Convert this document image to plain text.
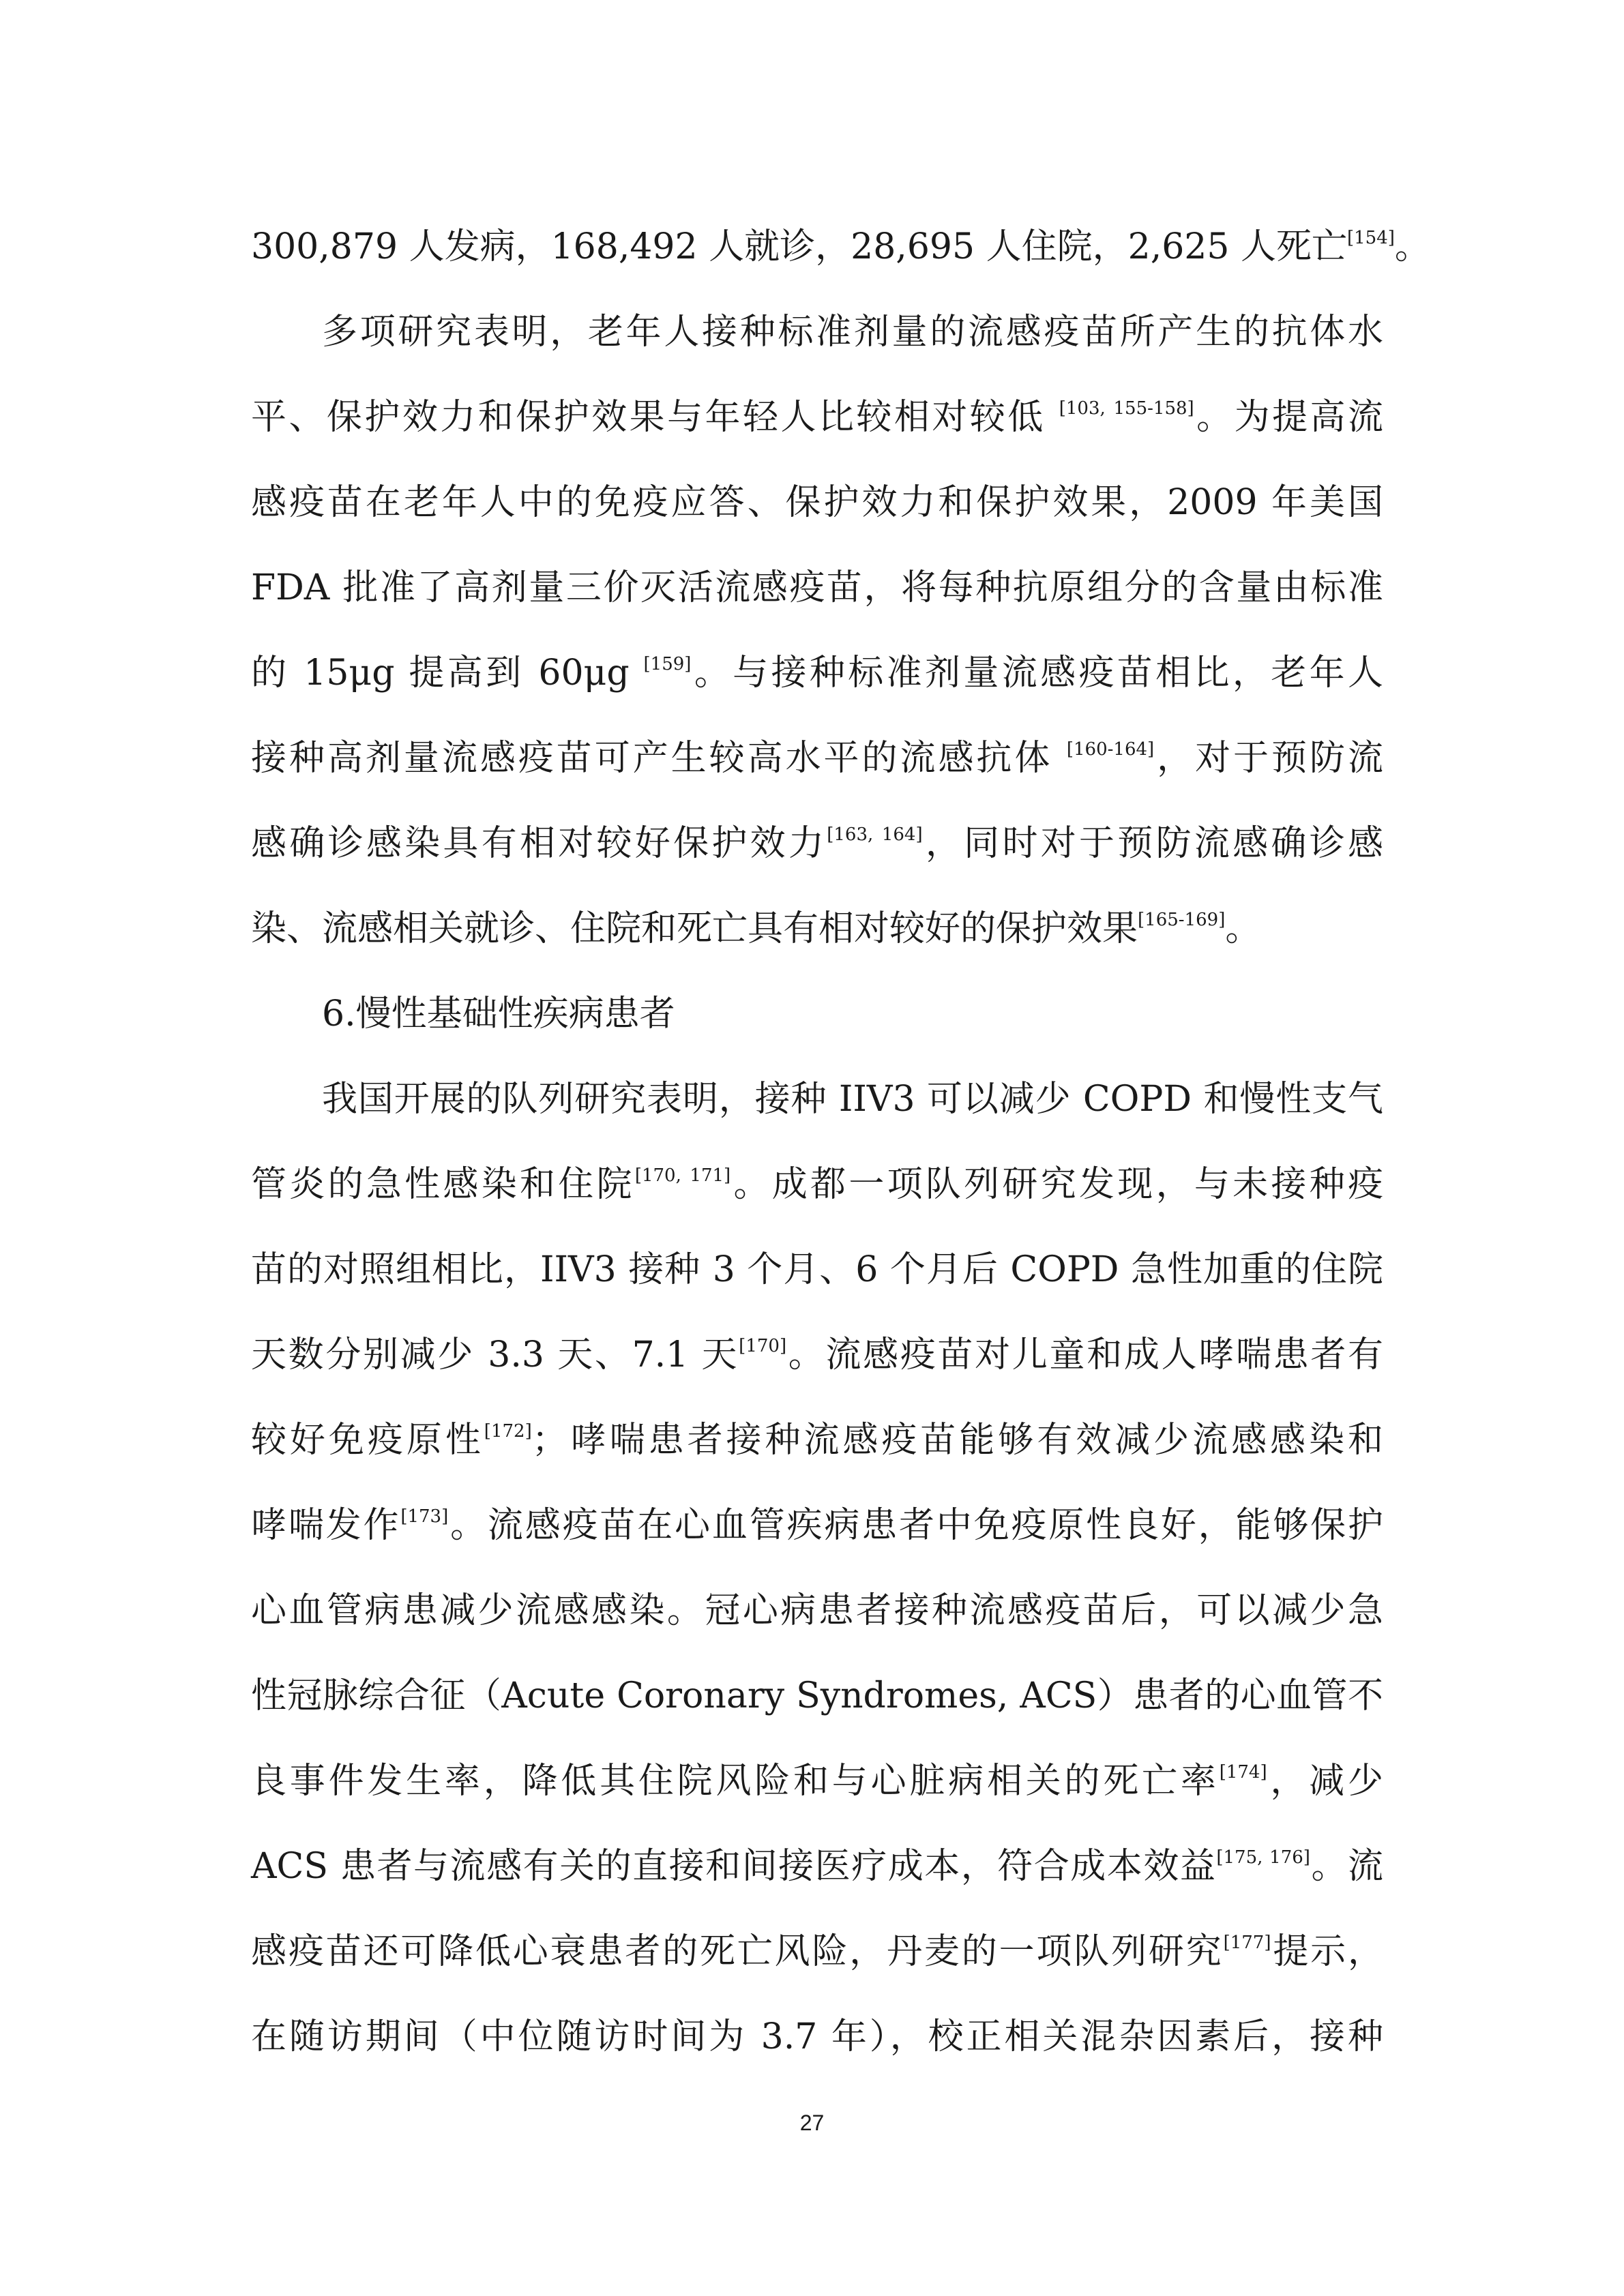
300,879 人发病，168,492 人就诊，28,695 人住院，2,625 人死亡[154]。
多项研究表明，老年人接种标准剂量的流感疫苗所产生的抗体水
平、保护效力和保护效果与年轻人比较相对较低 [103, 155-158]。为提高流
感疫苗在老年人中的免疫应答、保护效力和保护效果，2009 年美国
FDA 批准了高剂量三价灭活流感疫苗，将每种抗原组分的含量由标准
的 15μg 提高到 60μg [159]。与接种标准剂量流感疫苗相比，老年人
接种高剂量流感疫苗可产生较高水平的流感抗体 [160-164]，对于预防流
感确诊感染具有相对较好保护效力[163, 164]，同时对于预防流感确诊感
染、流感相关就诊、住院和死亡具有相对较好的保护效果[165-169]。
6.慢性基础性疾病患者
我国开展的队列研究表明，接种 IIV3 可以减少 COPD 和慢性支气
管炎的急性感染和住院[170, 171]。成都一项队列研究发现，与未接种疫
苗的对照组相比，IIV3 接种 3 个月、6 个月后 COPD 急性加重的住院
天数分别减少 3.3 天、7.1 天[170]。流感疫苗对儿童和成人哮喘患者有
较好免疫原性[172]；哮喘患者接种流感疫苗能够有效减少流感感染和
哮喘发作[173]。流感疫苗在心血管疾病患者中免疫原性良好，能够保护
心血管病患减少流感感染。冠心病患者接种流感疫苗后，可以减少急
性冠脉综合征（Acute Coronary Syndromes, ACS）患者的心血管不
良事件发生率，降低其住院风险和与心脏病相关的死亡率[174]，减少
ACS 患者与流感有关的直接和间接医疗成本，符合成本效益[175, 176]。流
感疫苗还可降低心衰患者的死亡风险，丹麦的一项队列研究[177]提示，
在随访期间（中位随访时间为 3.7 年），校正相关混杂因素后，接种
27
